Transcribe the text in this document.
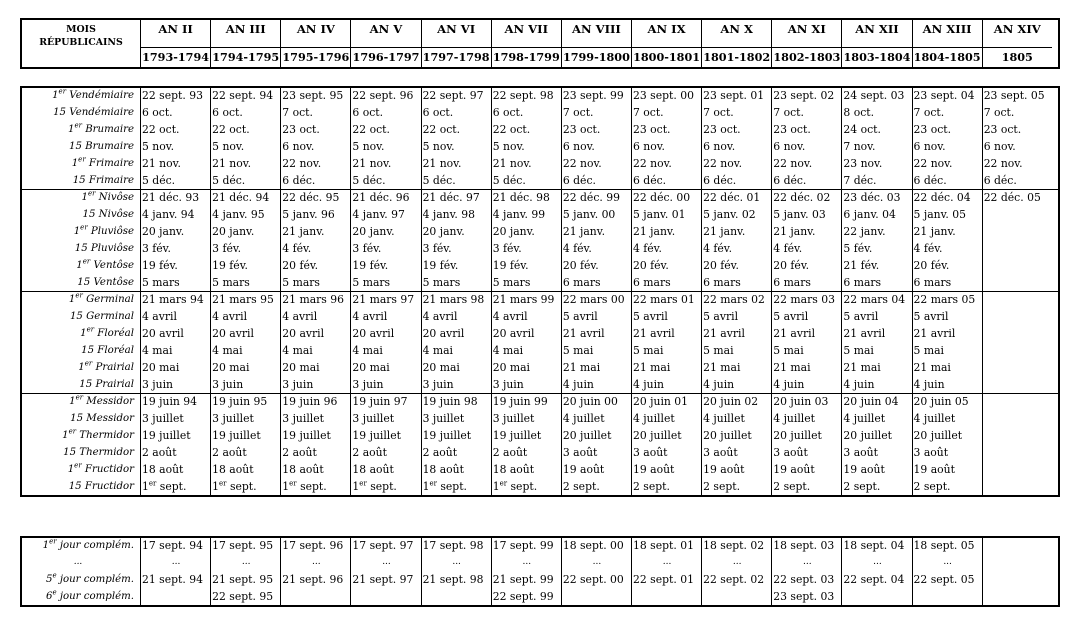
MOIS
RÉPUBLICAINS
AN II
1793-1794
AN III
1794-1795
AN IV
1795-1796
AN V
1796-1797
AN VI
1797-1798
AN VII
1798-1799
AN VIII
1799-1800
AN IX
1800-1801
AN X
1801-1802
AN XI
1802-1803
AN XII
1803-1804
AN XIII
1804-1805
AN XIV
1805
1er Vendémiaire
15 Vendémiaire
1er Brumaire
15 Brumaire
1er Frimaire
15 Frimaire
22 sept. 93
6 oct.
22 oct.
5 nov.
21 nov.
5 déc.
22 sept. 94
6 oct.
22 oct.
5 nov.
21 nov.
5 déc.
23 sept. 95
7 oct.
23 oct.
6 nov.
22 nov.
6 déc.
22 sept. 96
6 oct.
22 oct.
5 nov.
21 nov.
5 déc.
22 sept. 97
6 oct.
22 oct.
5 nov.
21 nov.
5 déc.
22 sept. 98
6 oct.
22 oct.
5 nov.
21 nov.
5 déc.
23 sept. 99
7 oct.
23 oct.
6 nov.
22 nov.
6 déc.
23 sept. 00
7 oct.
23 oct.
6 nov.
22 nov.
6 déc.
23 sept. 01
7 oct.
23 oct.
6 nov.
22 nov.
6 déc.
23 sept. 02
7 oct.
23 oct.
6 nov.
22 nov.
6 déc.
24 sept. 03
8 oct.
24 oct.
7 nov.
23 nov.
7 déc.
23 sept. 04
7 oct.
23 oct.
6 nov.
22 nov.
6 déc.
23 sept. 05
7 oct.
23 oct.
6 nov.
22 nov.
6 déc.
1er Nivôse
15 Nivôse
1er Pluviôse
15 Pluviôse
1er Ventôse
15 Ventôse
21 déc. 93
4 janv. 94
20 janv.
3 fév.
19 fév.
5 mars
21 déc. 94
4 janv. 95
20 janv.
3 fév.
19 fév.
5 mars
22 déc. 95
5 janv. 96
21 janv.
4 fév.
20 fév.
5 mars
21 déc. 96
4 janv. 97
20 janv.
3 fév.
19 fév.
5 mars
21 déc. 97
4 janv. 98
20 janv.
3 fév.
19 fév.
5 mars
21 déc. 98
4 janv. 99
20 janv.
3 fév.
19 fév.
5 mars
22 déc. 99
5 janv. 00
21 janv.
4 fév.
20 fév.
6 mars
22 déc. 00
5 janv. 01
21 janv.
4 fév.
20 fév.
6 mars
22 déc. 01
5 janv. 02
21 janv.
4 fév.
20 fév.
6 mars
22 déc. 02
5 janv. 03
21 janv.
4 fév.
20 fév.
6 mars
23 déc. 03
6 janv. 04
22 janv.
5 fév.
21 fév.
6 mars
22 déc. 04
5 janv. 05
21 janv.
4 fév.
20 fév.
6 mars
22 déc. 05
1er Germinal
15 Germinal
1er Floréal
15 Floréal
1er Prairial
15 Prairial
21 mars 94
4 avril
20 avril
4 mai
20 mai
3 juin
21 mars 95
4 avril
20 avril
4 mai
20 mai
3 juin
21 mars 96
4 avril
20 avril
4 mai
20 mai
3 juin
21 mars 97
4 avril
20 avril
4 mai
20 mai
3 juin
21 mars 98
4 avril
20 avril
4 mai
20 mai
3 juin
21 mars 99
4 avril
20 avril
4 mai
20 mai
3 juin
22 mars 00
5 avril
21 avril
5 mai
21 mai
4 juin
22 mars 01
5 avril
21 avril
5 mai
21 mai
4 juin
22 mars 02
5 avril
21 avril
5 mai
21 mai
4 juin
22 mars 03
5 avril
21 avril
5 mai
21 mai
4 juin
22 mars 04
5 avril
21 avril
5 mai
21 mai
4 juin
22 mars 05
5 avril
21 avril
5 mai
21 mai
4 juin
1er Messidor
15 Messidor
1er Thermidor
15 Thermidor
1er Fructidor
15 Fructidor
19 juin 94
3 juillet
19 juillet
2 août
18 août
1er sept.
19 juin 95
3 juillet
19 juillet
2 août
18 août
1er sept.
19 juin 96
3 juillet
19 juillet
2 août
18 août
1er sept.
19 juin 97
3 juillet
19 juillet
2 août
18 août
1er sept.
19 juin 98
3 juillet
19 juillet
2 août
18 août
1er sept.
19 juin 99
3 juillet
19 juillet
2 août
18 août
1er sept.
20 juin 00
4 juillet
20 juillet
3 août
19 août
2 sept.
20 juin 01
4 juillet
20 juillet
3 août
19 août
2 sept.
20 juin 02
4 juillet
20 juillet
3 août
19 août
2 sept.
20 juin 03
4 juillet
20 juillet
3 août
19 août
2 sept.
20 juin 04
4 juillet
20 juillet
3 août
19 août
2 sept.
20 juin 05
4 juillet
20 juillet
3 août
19 août
2 sept.
1er jour complém.
...
5e jour complém.
6e jour complém.
17 sept. 94
...
21 sept. 94
17 sept. 95
...
21 sept. 95
22 sept. 95
17 sept. 96
...
21 sept. 96
17 sept. 97
...
21 sept. 97
17 sept. 98
...
21 sept. 98
17 sept. 99
...
21 sept. 99
22 sept. 99
18 sept. 00
...
22 sept. 00
18 sept. 01
...
22 sept. 01
18 sept. 02
...
22 sept. 02
18 sept. 03
...
22 sept. 03
23 sept. 03
18 sept. 04
...
22 sept. 04
18 sept. 05
...
22 sept. 05
